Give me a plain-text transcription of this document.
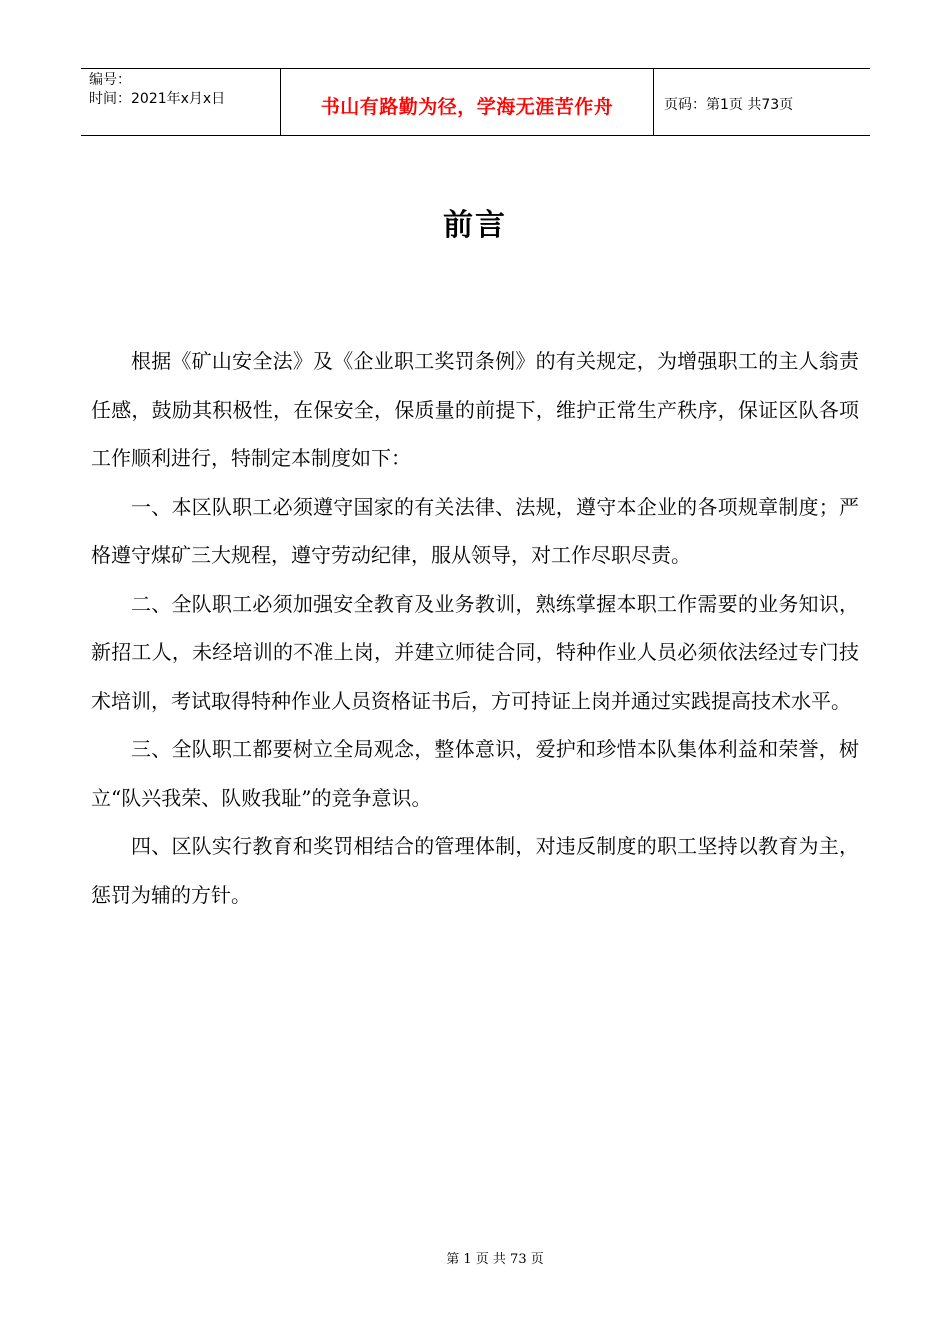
编号：
时间：2021年x月x日	书山有路勤为径，学海无涯苦作舟	页码：第1页 共73页
前言

根据《矿山安全法》及《企业职工奖罚条例》的有关规定，为增强职工的主人翁责任感，鼓励其积极性，在保安全，保质量的前提下，维护正常生产秩序，保证区队各项工作顺利进行，特制定本制度如下：

一、本区队职工必须遵守国家的有关法律、法规，遵守本企业的各项规章制度；严格遵守煤矿三大规程，遵守劳动纪律，服从领导，对工作尽职尽责。

二、全队职工必须加强安全教育及业务教训，熟练掌握本职工作需要的业务知识，新招工人，未经培训的不准上岗，并建立师徒合同，特种作业人员必须依法经过专门技术培训，考试取得特种作业人员资格证书后，方可持证上岗并通过实践提高技术水平。

三、全队职工都要树立全局观念，整体意识，爱护和珍惜本队集体利益和荣誉，树立“队兴我荣、队败我耻”的竞争意识。

四、区队实行教育和奖罚相结合的管理体制，对违反制度的职工坚持以教育为主，惩罚为辅的方针。

第 1 页 共 73 页
